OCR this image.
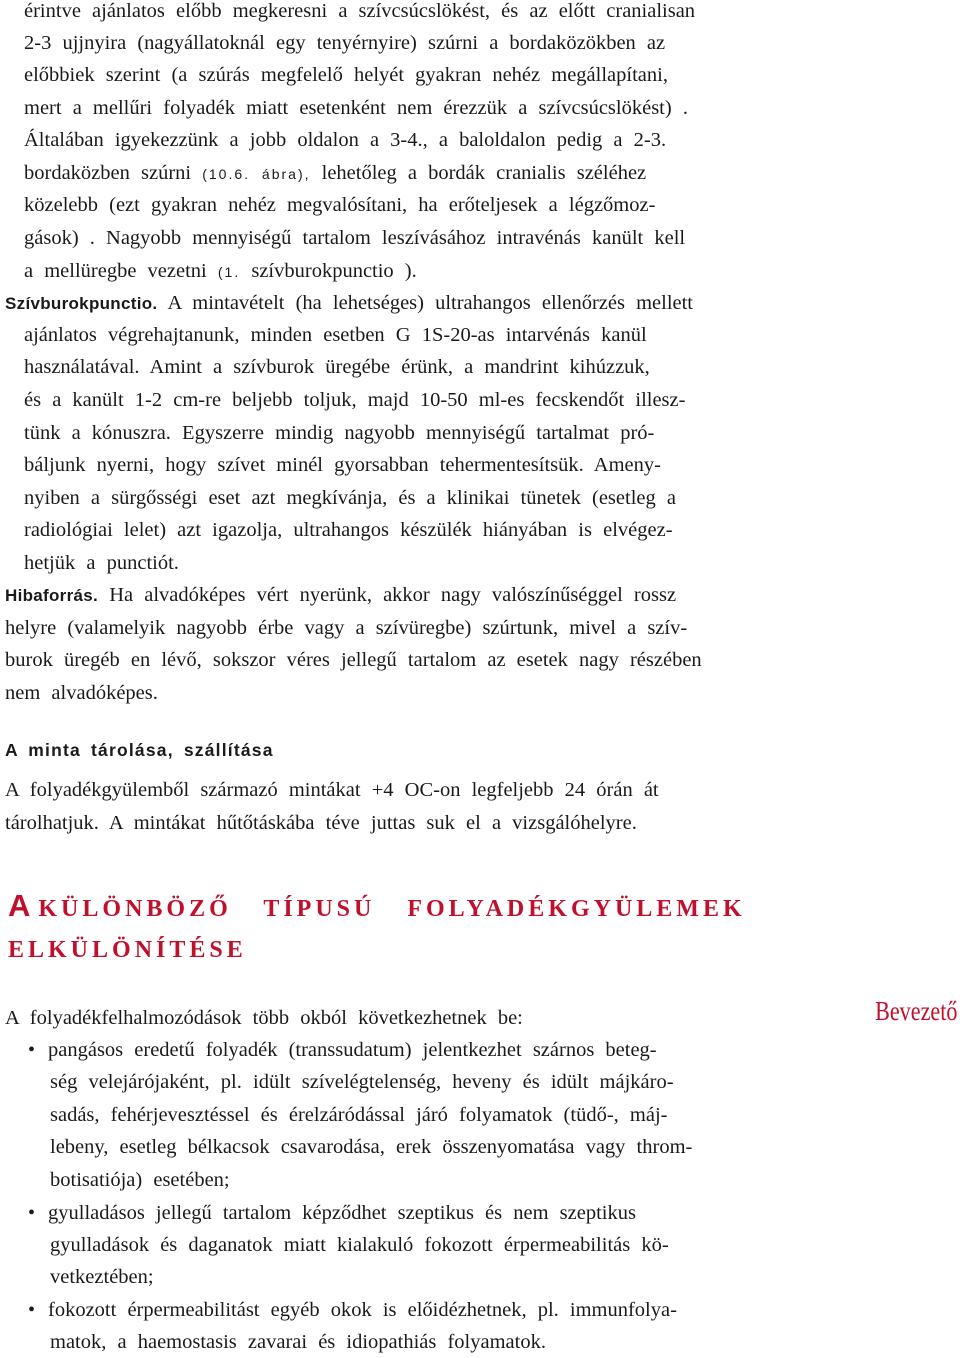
érintve ajánlatos előbb megkeresni a szívcsúcslökést, és az előtt cranialisan
2-3 ujjnyira (nagyállatoknál egy tenyérnyire) szúrni a bordaközökben az
előbbiek szerint (a szúrás megfelelő helyét gyakran nehéz megállapítani,
mert a mellűri folyadék miatt esetenként nem érezzük a szívcsúcslökést) .
Általában igyekezzünk a jobb oldalon a 3-4., a baloldalon pedig a 2-3.
bordaközben szúrni (10.6. ábra), lehetőleg a bordák cranialis széléhez
közelebb (ezt gyakran nehéz megvalósítani, ha erőteljesek a légzőmoz-
gások) . Nagyobb mennyiségű tartalom leszívásához intravénás kanült kell
a mellüregbe vezetni (1. szívburokpunctio ).
Szívburokpunctio. A mintavételt (ha lehetséges) ultrahangos ellenőrzés mellett
ajánlatos végrehajtanunk, minden esetben G 1S-20-as intarvénás kanül
használatával. Amint a szívburok üregébe érünk, a mandrint kihúzzuk,
és a kanült 1-2 cm-re beljebb toljuk, majd 10-50 ml-es fecskendőt illesz-
tünk a kónuszra. Egyszerre mindig nagyobb mennyiségű tartalmat pró-
báljunk nyerni, hogy szívet minél gyorsabban tehermentesítsük. Ameny-
nyiben a sürgősségi eset azt megkívánja, és a klinikai tünetek (esetleg a
radiológiai lelet) azt igazolja, ultrahangos készülék hiányában is elvégez-
hetjük a punctiót.
Hibaforrás. Ha alvadóképes vért nyerünk, akkor nagy valószínűséggel rossz
helyre (valamelyik nagyobb érbe vagy a szívüregbe) szúrtunk, mivel a szív-
burok üregéb en lévő, sokszor véres jellegű tartalom az esetek nagy részében
nem alvadóképes.
A minta tárolása, szállítása
A folyadékgyülemből származó mintákat +4 OC-on legfeljebb 24 órán át
tárolhatjuk. A mintákat hűtőtáskába téve juttas suk el a vizsgálóhelyre.
A KÜLÖNBÖZŐ TÍPUSÚ FOLYADÉKGYÜLEMEK
ELKÜLÖNÍTÉSE
Bevezető
A folyadékfelhalmozódások több okból következhetnek be:
• pangásos eredetű folyadék (transsudatum) jelentkezhet szárnos beteg-
ség velejárójaként, pl. idült szívelégtelenség, heveny és idült májkáro-
sadás, fehérjevesztéssel és érelzáródással járó folyamatok (tüdő-, máj-
lebeny, esetleg bélkacsok csavarodása, erek összenyomatása vagy throm-
botisatiója) esetében;
• gyulladásos jellegű tartalom képződhet szeptikus és nem szeptikus
gyulladások és daganatok miatt kialakuló fokozott érpermeabilitás kö-
vetkeztében;
• fokozott érpermeabilitást egyéb okok is előidézhetnek, pl. immunfolya-
matok, a haemostasis zavarai és idiopathiás folyamatok.
